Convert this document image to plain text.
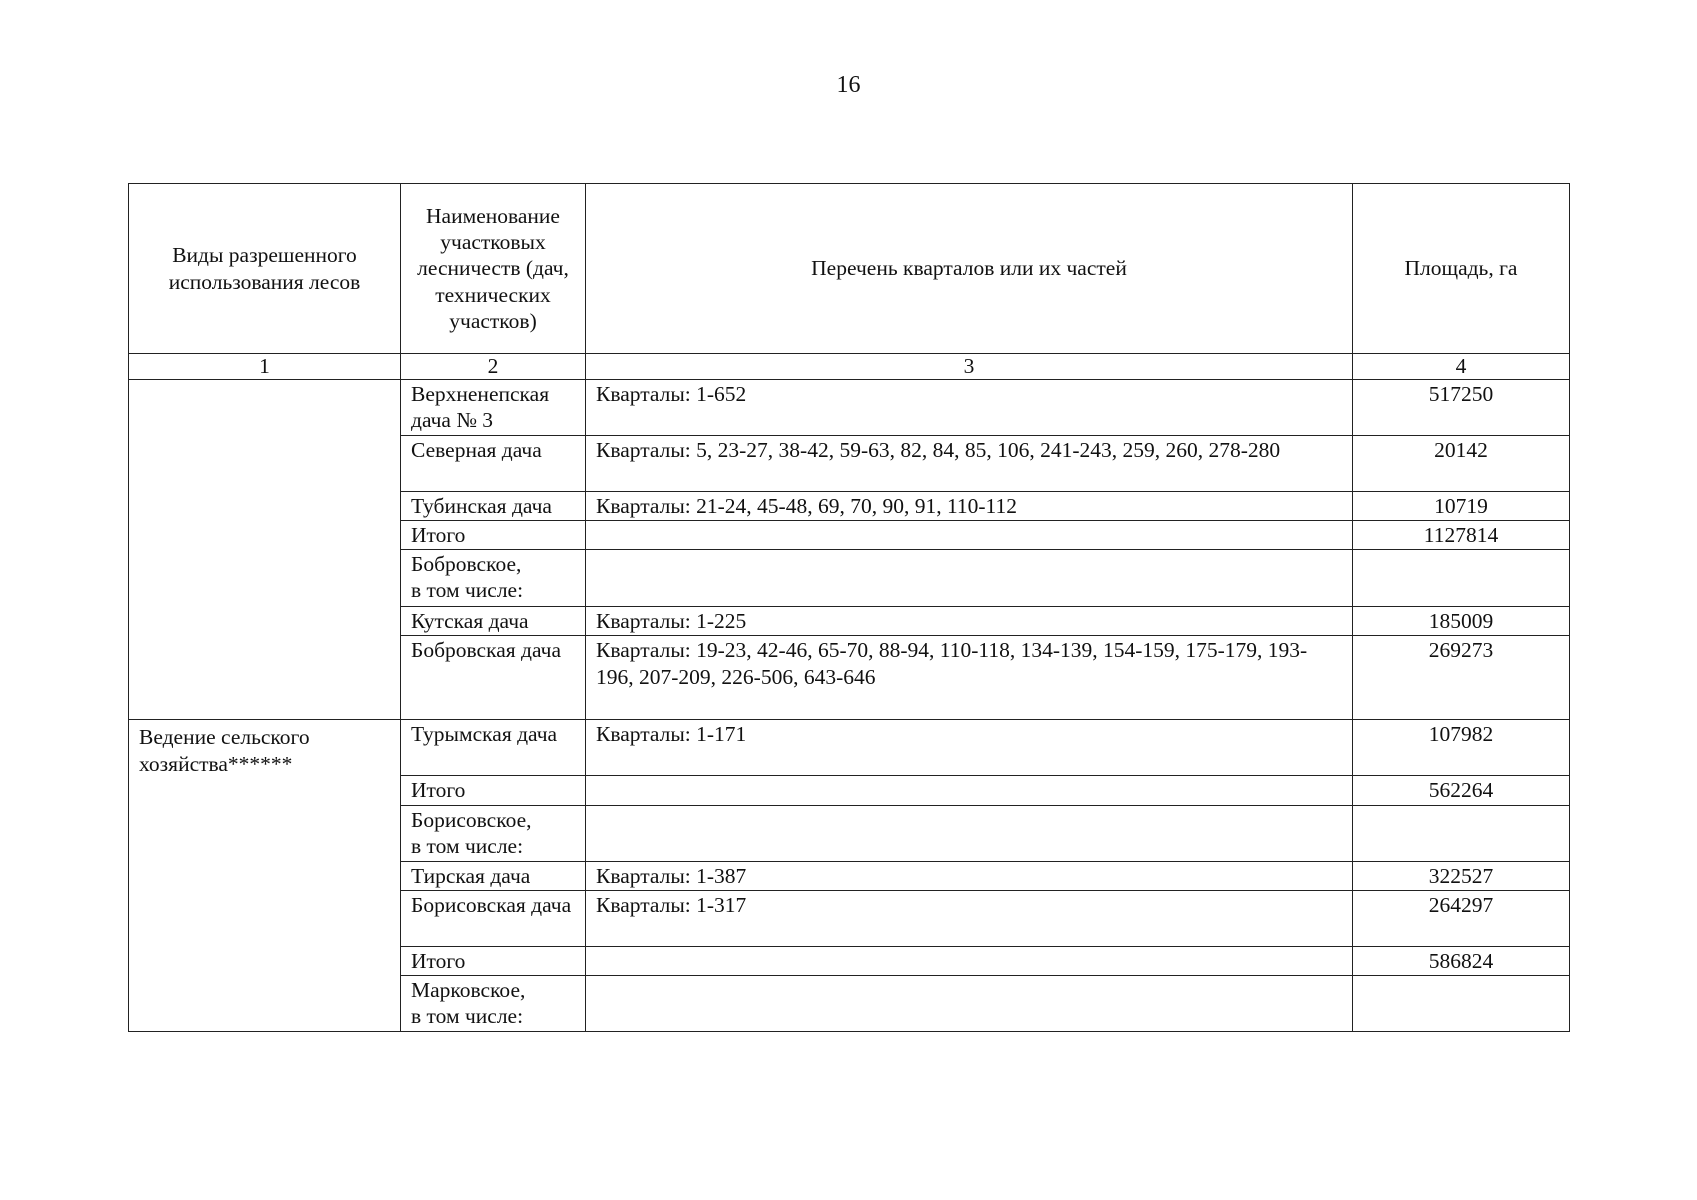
16
Виды разрешенного использования лесов	Наименование участковых лесничеств (дач, технических участков)	Перечень кварталов или их частей	Площадь, га
1	2	3	4
	Верхненепская дача № 3	Кварталы: 1-652	517250
	Северная дача	Кварталы: 5, 23-27, 38-42, 59-63, 82, 84, 85, 106, 241-243, 259, 260, 278-280	20142
	Тубинская дача	Кварталы: 21-24, 45-48, 69, 70, 90, 91, 110-112	10719
	Итого		1127814
	Бобровское,
в том числе:		
	Кутская дача	Кварталы: 1-225	185009
	Бобровская дача	Кварталы: 19-23, 42-46, 65-70, 88-94, 110-118, 134-139, 154-159, 175-179, 193-196, 207-209, 226-506, 643-646	269273
Ведение сельского хозяйства******	Турымская дача	Кварталы: 1-171	107982
	Итого		562264
	Борисовское,
в том числе:		
	Тирская дача	Кварталы: 1-387	322527
	Борисовская дача	Кварталы: 1-317	264297
	Итого		586824
	Марковское,
в том числе:		
